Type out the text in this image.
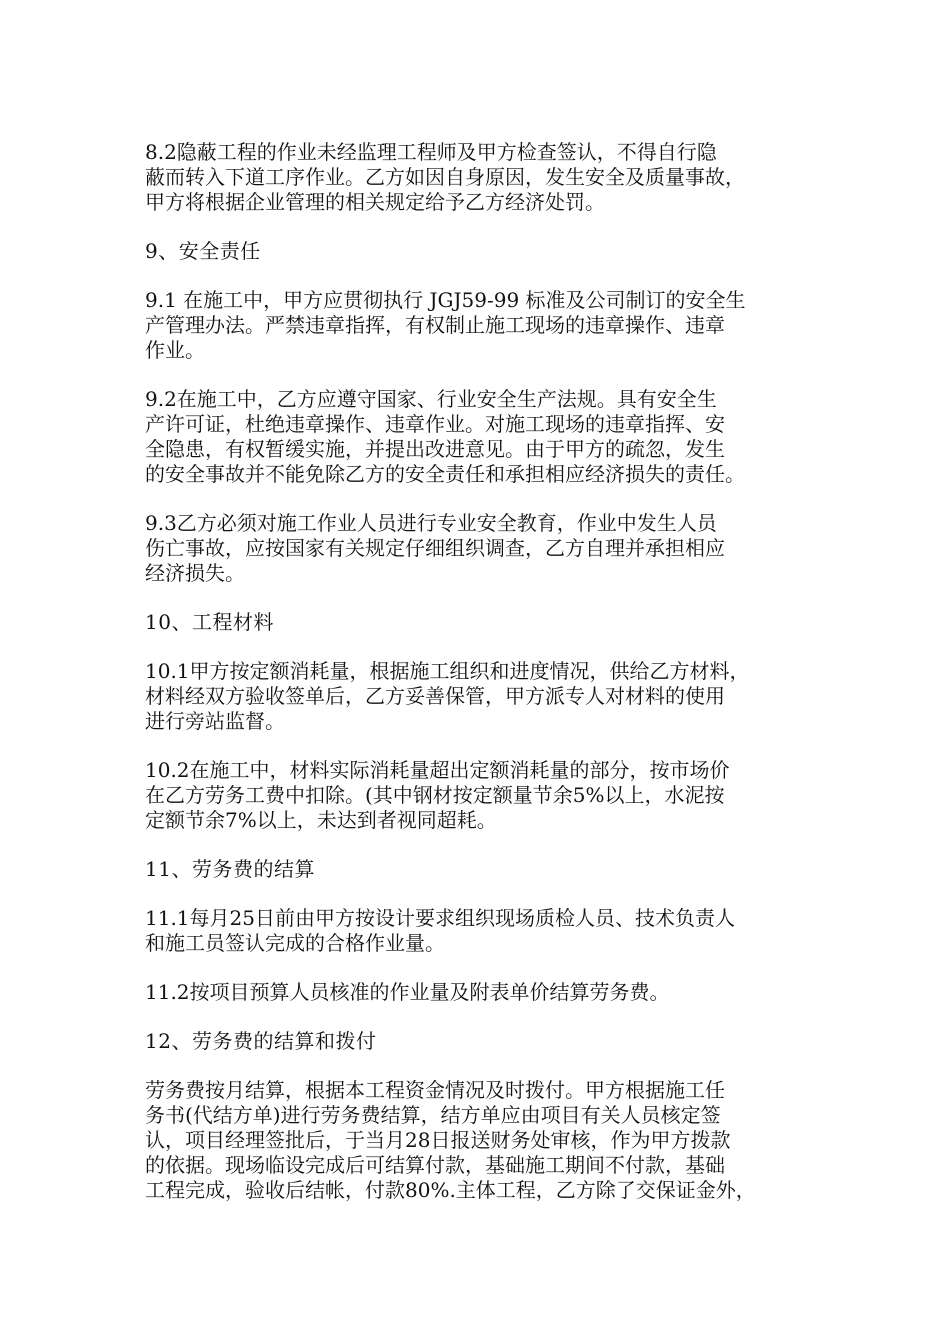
8.2隐蔽工程的作业未经监理工程师及甲方检查签认，不得自行隐
蔽而转入下道工序作业。乙方如因自身原因，发生安全及质量事故，
甲方将根据企业管理的相关规定给予乙方经济处罚。
9、安全责任
9.1 在施工中，甲方应贯彻执行 JGJ59-99 标准及公司制订的安全生
产管理办法。严禁违章指挥，有权制止施工现场的违章操作、违章
作业。
9.2在施工中，乙方应遵守国家、行业安全生产法规。具有安全生
产许可证，杜绝违章操作、违章作业。对施工现场的违章指挥、安
全隐患，有权暂缓实施，并提出改进意见。由于甲方的疏忽，发生
的安全事故并不能免除乙方的安全责任和承担相应经济损失的责任。
9.3乙方必须对施工作业人员进行专业安全教育，作业中发生人员
伤亡事故，应按国家有关规定仔细组织调查，乙方自理并承担相应
经济损失。
10、工程材料
10.1甲方按定额消耗量，根据施工组织和进度情况，供给乙方材料，
材料经双方验收签单后，乙方妥善保管，甲方派专人对材料的使用
进行旁站监督。
10.2在施工中，材料实际消耗量超出定额消耗量的部分，按市场价
在乙方劳务工费中扣除。(其中钢材按定额量节余5%以上，水泥按
定额节余7%以上，未达到者视同超耗。
11、劳务费的结算
11.1每月25日前由甲方按设计要求组织现场质检人员、技术负责人
和施工员签认完成的合格作业量。
11.2按项目预算人员核准的作业量及附表单价结算劳务费。
12、劳务费的结算和拨付
劳务费按月结算，根据本工程资金情况及时拨付。甲方根据施工任
务书(代结方单)进行劳务费结算，结方单应由项目有关人员核定签
认，项目经理签批后，于当月28日报送财务处审核，作为甲方拨款
的依据。现场临设完成后可结算付款，基础施工期间不付款，基础
工程完成，验收后结帐，付款80%.主体工程，乙方除了交保证金外，
